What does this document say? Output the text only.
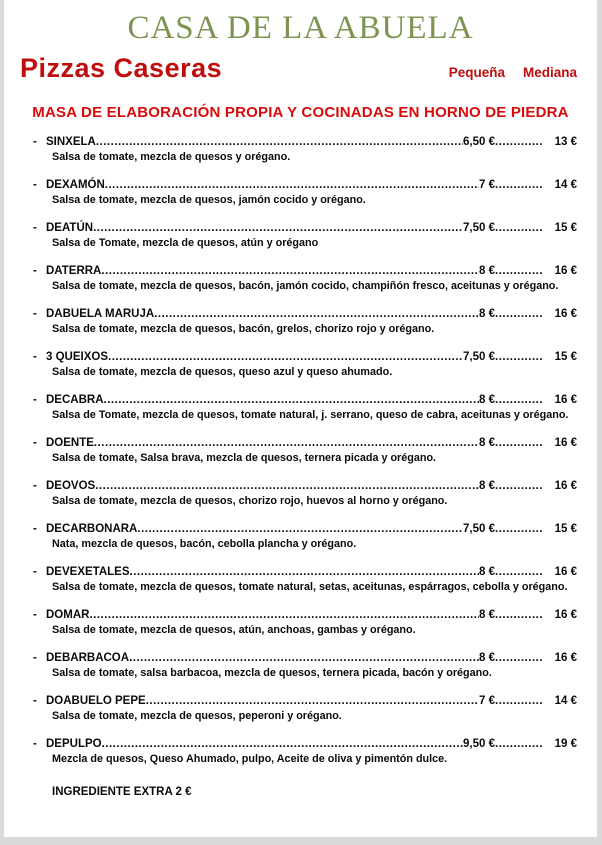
CASA DE LA ABUELA
Pizzas Caseras	Pequeña Mediana
MASA DE ELABORACIÓN PROPIA Y COCINADAS EN HORNO DE PIEDRA
- SINXELA .....	6,50 € .....	13 €
Salsa de tomate, mezcla de quesos y orégano.
- DEXAMÓN .....	7 € .....	14 €
Salsa de tomate, mezcla de quesos, jamón cocido y orégano.
- DEATÚN .....	7,50 € .....	15 €
Salsa de Tomate, mezcla de quesos, atún y orégano
- DATERRA .....	8 € .....	16 €
Salsa de tomate, mezcla de quesos, bacón, jamón cocido, champiñón fresco, aceitunas y orégano.
- DABUELA MARUJA .....	8 € .....	16 €
Salsa de tomate, mezcla de quesos, bacón, grelos, chorizo rojo y orégano.
- 3 QUEIXOS .....	7,50 € .....	15 €
Salsa de tomate, mezcla de quesos, queso azul y queso ahumado.
- DECABRA .....	8 € .....	16 €
Salsa de Tomate, mezcla de quesos, tomate natural, j. serrano, queso de cabra, aceitunas y orégano.
- DOENTE .....	8 € .....	16 €
Salsa de tomate, Salsa brava, mezcla de quesos, ternera picada y orégano.
- DEOVOS .....	8 € .....	16 €
Salsa de tomate, mezcla de quesos, chorizo rojo, huevos al horno y orégano.
- DECARBONARA .....	7,50 € .....	15 €
Nata, mezcla de quesos, bacón, cebolla plancha y orégano.
- DEVEXETALES .....	8 € .....	16 €
Salsa de tomate, mezcla de quesos, tomate natural, setas, aceitunas, espárragos, cebolla y orégano.
- DOMAR .....	8 € .....	16 €
Salsa de tomate, mezcla de quesos, atún, anchoas, gambas y orégano.
- DEBARBACOA .....	8 € .....	16 €
Salsa de tomate, salsa barbacoa, mezcla de quesos, ternera picada, bacón y orégano.
- DOABUELO PEPE .....	7 € .....	14 €
Salsa de tomate, mezcla de quesos, peperoni y orégano.
- DEPULPO .....	9,50 € .....	19 €
Mezcla de quesos, Queso Ahumado, pulpo, Aceite de oliva y pimentón dulce.
INGREDIENTE EXTRA 2 €
